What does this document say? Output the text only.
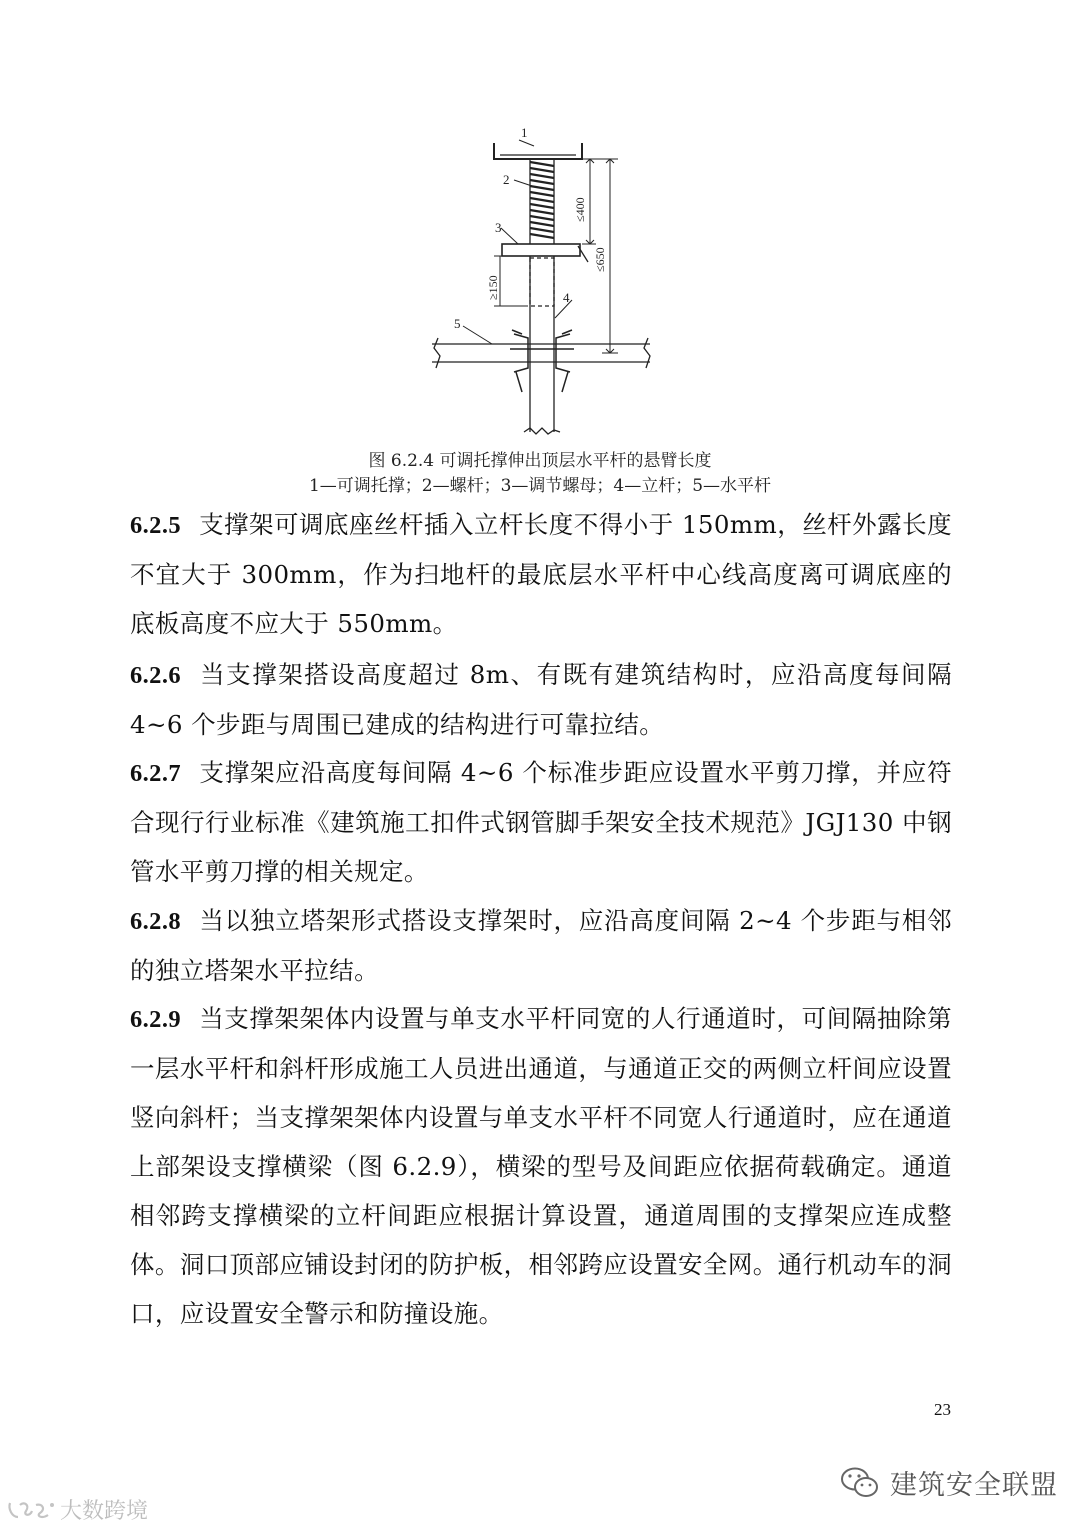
1
2
3
4
5
≤400
≤650
≥150
图 6.2.4 可调托撑伸出顶层水平杆的悬臂长度
1—可调托撑；2—螺杆；3—调节螺母；4—立杆；5—水平杆
6.2.5 支撑架可调底座丝杆插入立杆长度不得小于 150mm，丝杆外露长度不宜大于 300mm，作为扫地杆的最底层水平杆中心线高度离可调底座的底板高度不应大于 550mm。
6.2.6 当支撑架搭设高度超过 8m、有既有建筑结构时，应沿高度每间隔 4~6 个步距与周围已建成的结构进行可靠拉结。
6.2.7 支撑架应沿高度每间隔 4~6 个标准步距应设置水平剪刀撑，并应符合现行行业标准《建筑施工扣件式钢管脚手架安全技术规范》JGJ130 中钢管水平剪刀撑的相关规定。
6.2.8 当以独立塔架形式搭设支撑架时，应沿高度间隔 2~4 个步距与相邻的独立塔架水平拉结。
6.2.9 当支撑架架体内设置与单支水平杆同宽的人行通道时，可间隔抽除第一层水平杆和斜杆形成施工人员进出通道，与通道正交的两侧立杆间应设置竖向斜杆；当支撑架架体内设置与单支水平杆不同宽人行通道时，应在通道上部架设支撑横梁（图 6.2.9），横梁的型号及间距应依据荷载确定。通道相邻跨支撑横梁的立杆间距应根据计算设置，通道周围的支撑架应连成整体。洞口顶部应铺设封闭的防护板，相邻跨应设置安全网。通行机动车的洞口，应设置安全警示和防撞设施。
23
建筑安全联盟
大数跨境
